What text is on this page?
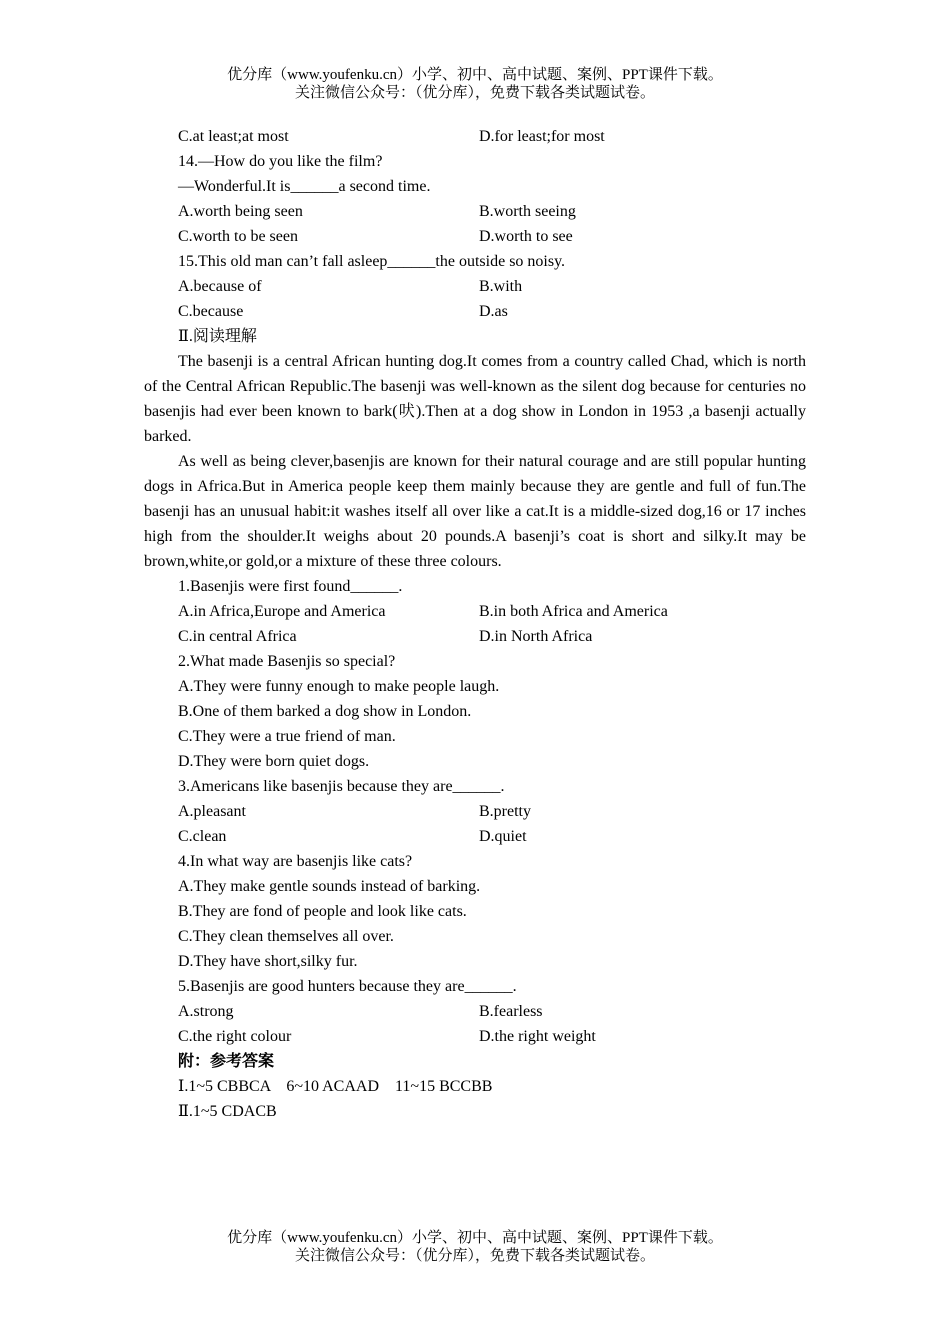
优分库（www.youfenku.cn）小学、初中、高中试题、案例、PPT课件下载。
关注微信公众号：（优分库），免费下载各类试题试卷。
C.at least;at most	D.for least;for most
14.—How do you like the film?
—Wonderful.It is______a second time.
A.worth being seen	B.worth seeing
C.worth to be seen	D.worth to see
15.This old man can’t fall asleep______the outside so noisy.
A.because of	B.with
C.because	D.as
Ⅱ.阅读理解

The basenji is a central African hunting dog.It comes from a country called Chad, which is north of the Central African Republic.The basenji was well-known as the silent dog because for centuries no basenjis had ever been known to bark(吠).Then at a dog show in London in 1953 ,a basenji actually barked.

As well as being clever,basenjis are known for their natural courage and are still popular hunting dogs in Africa.But in America people keep them mainly because they are gentle and full of fun.The basenji has an unusual habit:it washes itself all over like a cat.It is a middle-sized dog,16 or 17 inches high from the shoulder.It weighs about 20 pounds.A basenji’s coat is short and silky.It may be brown,white,or gold,or a mixture of these three colours.

1.Basenjis were first found______.
A.in Africa,Europe and America	B.in both Africa and America
C.in central Africa	D.in North Africa
2.What made Basenjis so special?
A.They were funny enough to make people laugh.
B.One of them barked a dog show in London.
C.They were a true friend of man.
D.They were born quiet dogs.
3.Americans like basenjis because they are______.
A.pleasant	B.pretty
C.clean	D.quiet
4.In what way are basenjis like cats?
A.They make gentle sounds instead of barking.
B.They are fond of people and look like cats.
C.They clean themselves all over.
D.They have short,silky fur.
5.Basenjis are good hunters because they are______.
A.strong	B.fearless
C.the right colour	D.the right weight
附：参考答案
Ⅰ.1~5 CBBCA　6~10 ACAAD　11~15 BCCBB
Ⅱ.1~5 CDACB
优分库（www.youfenku.cn）小学、初中、高中试题、案例、PPT课件下载。
关注微信公众号：（优分库），免费下载各类试题试卷。
